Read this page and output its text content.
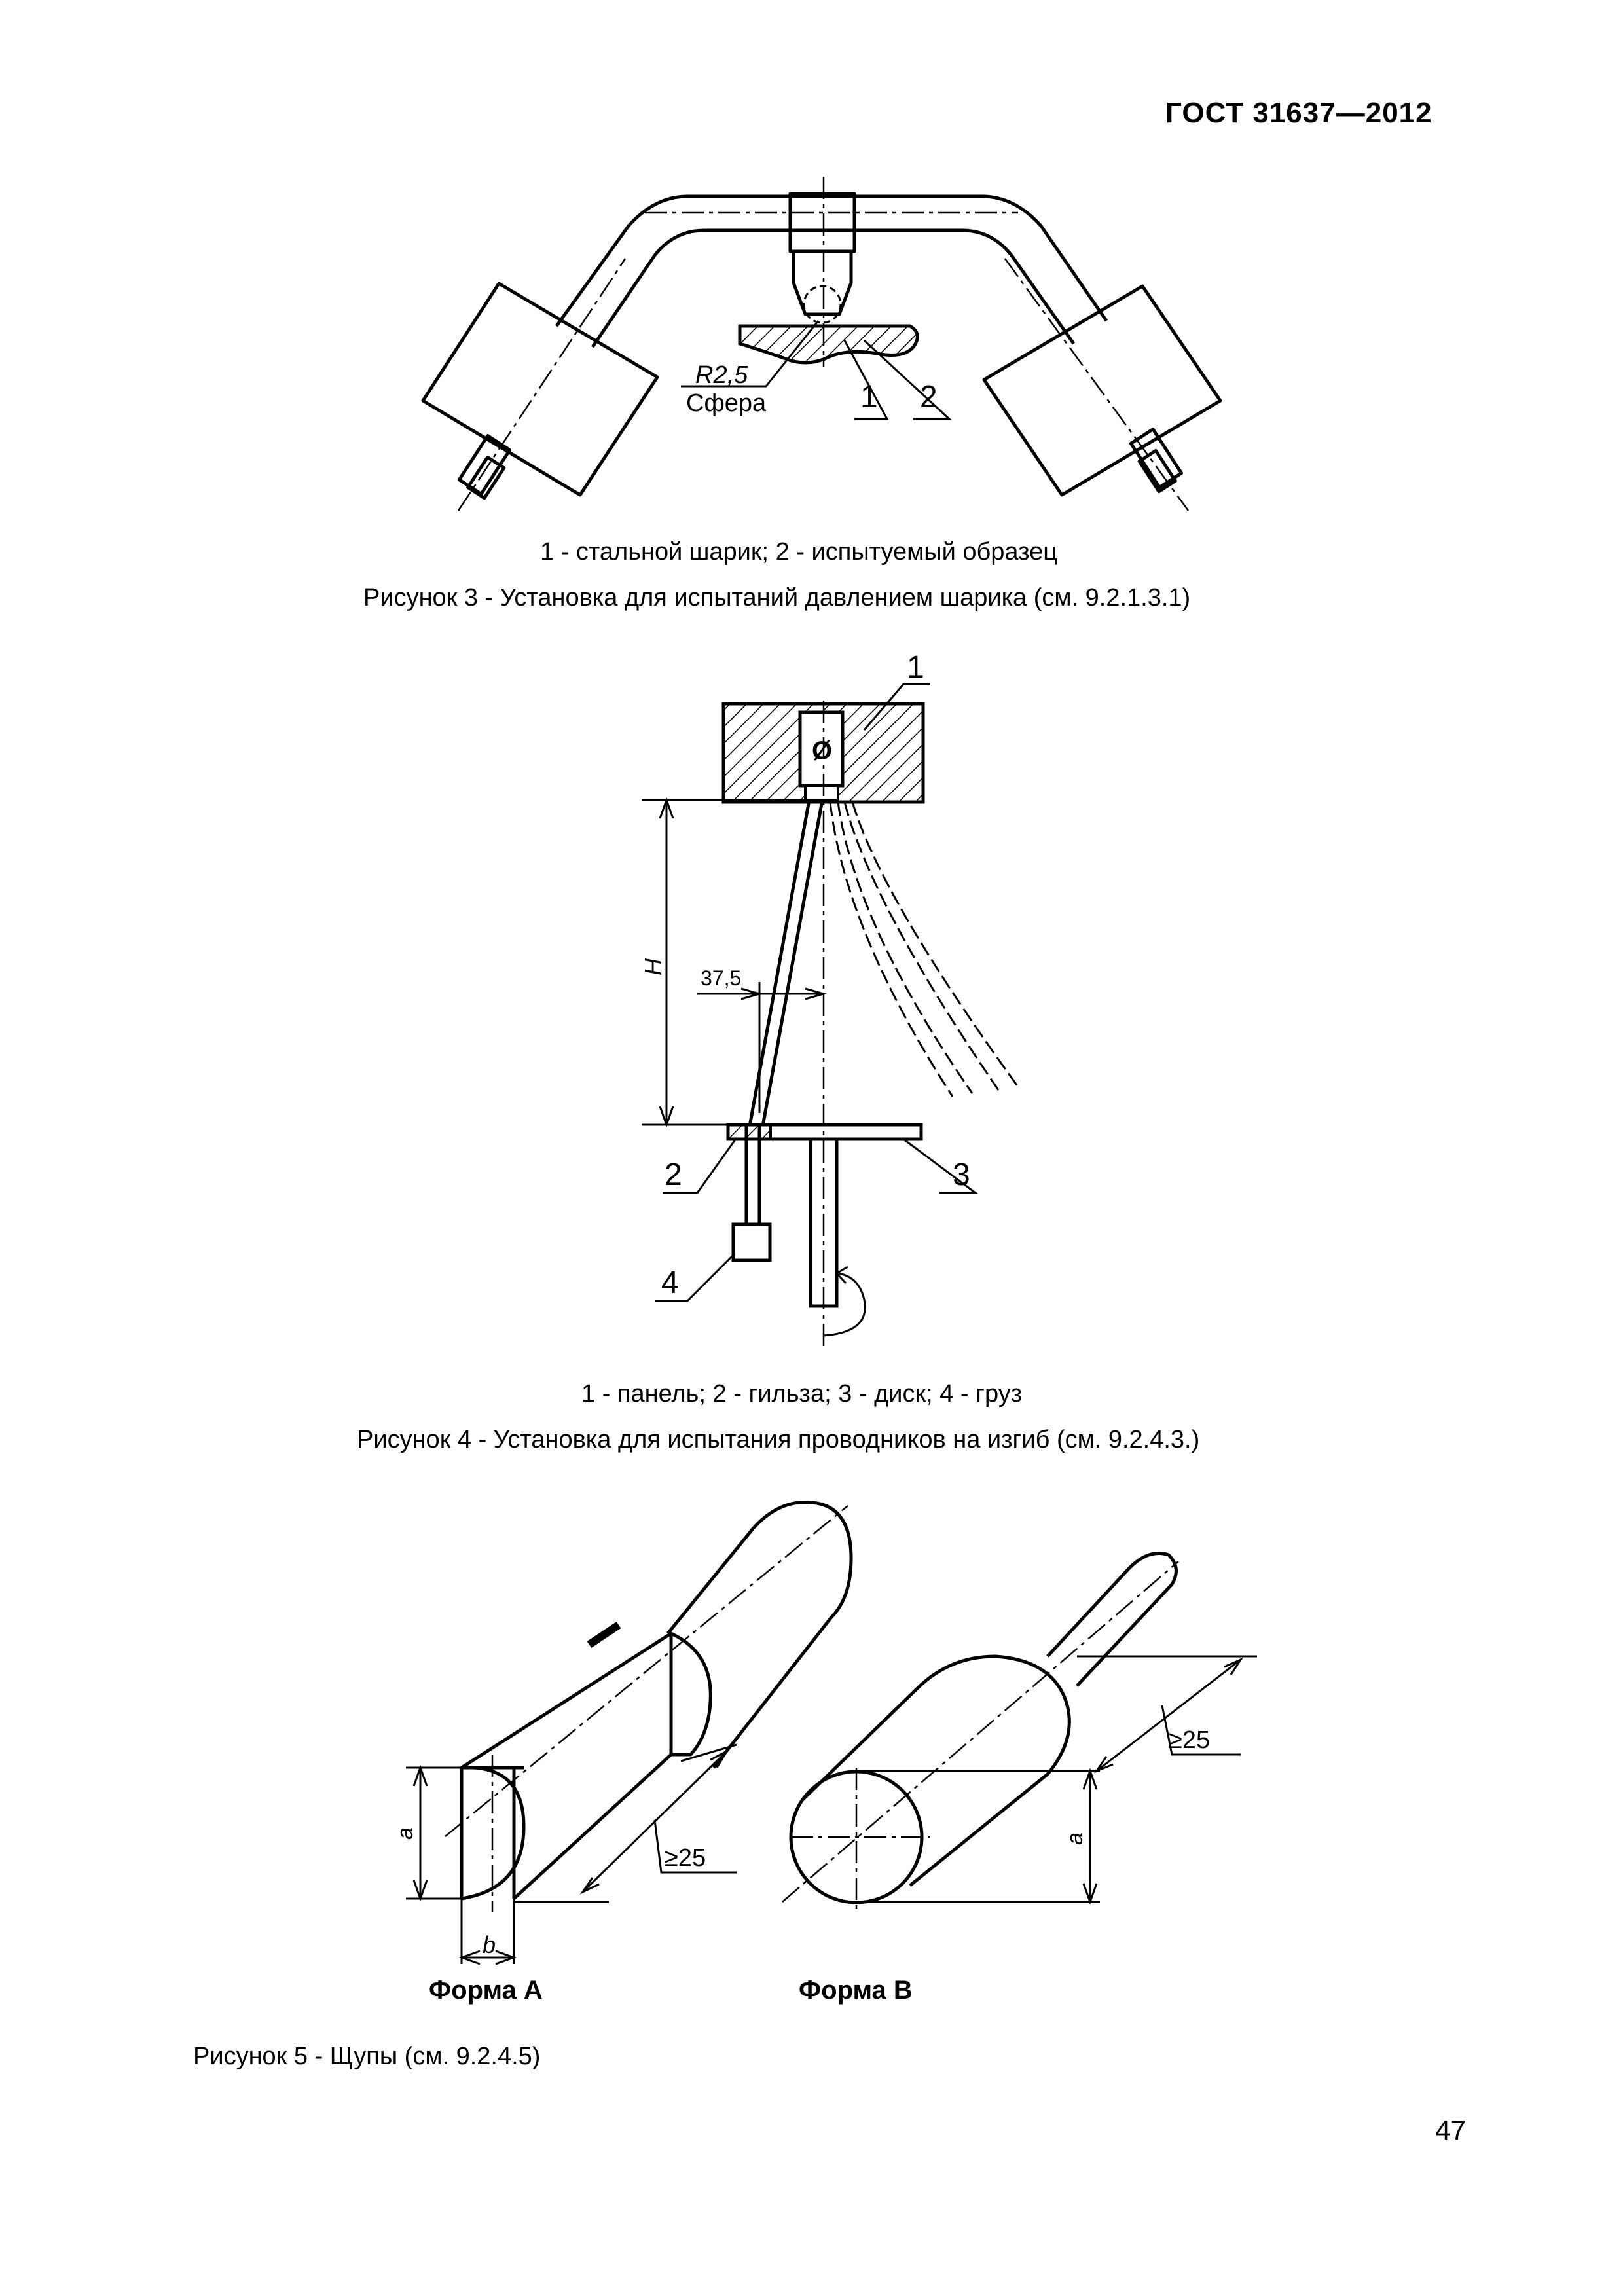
ГОСТ 31637—2012
R2,5
Сфера	1 2
1 - стальной шарик; 2 - испытуемый образец
Рисунок 3 - Установка для испытаний давлением шарика (см. 9.2.1.3.1)
Ø
1
H 37,5
2	3
4
1 - панель; 2 - гильза; 3 - диск; 4 - груз
Рисунок 4 - Установка для испытания проводников на изгиб (см. 9.2.4.3.)
a
b
≥25
a
≥25
Форма А	Форма В
Рисунок 5 - Щупы (см. 9.2.4.5)
47
